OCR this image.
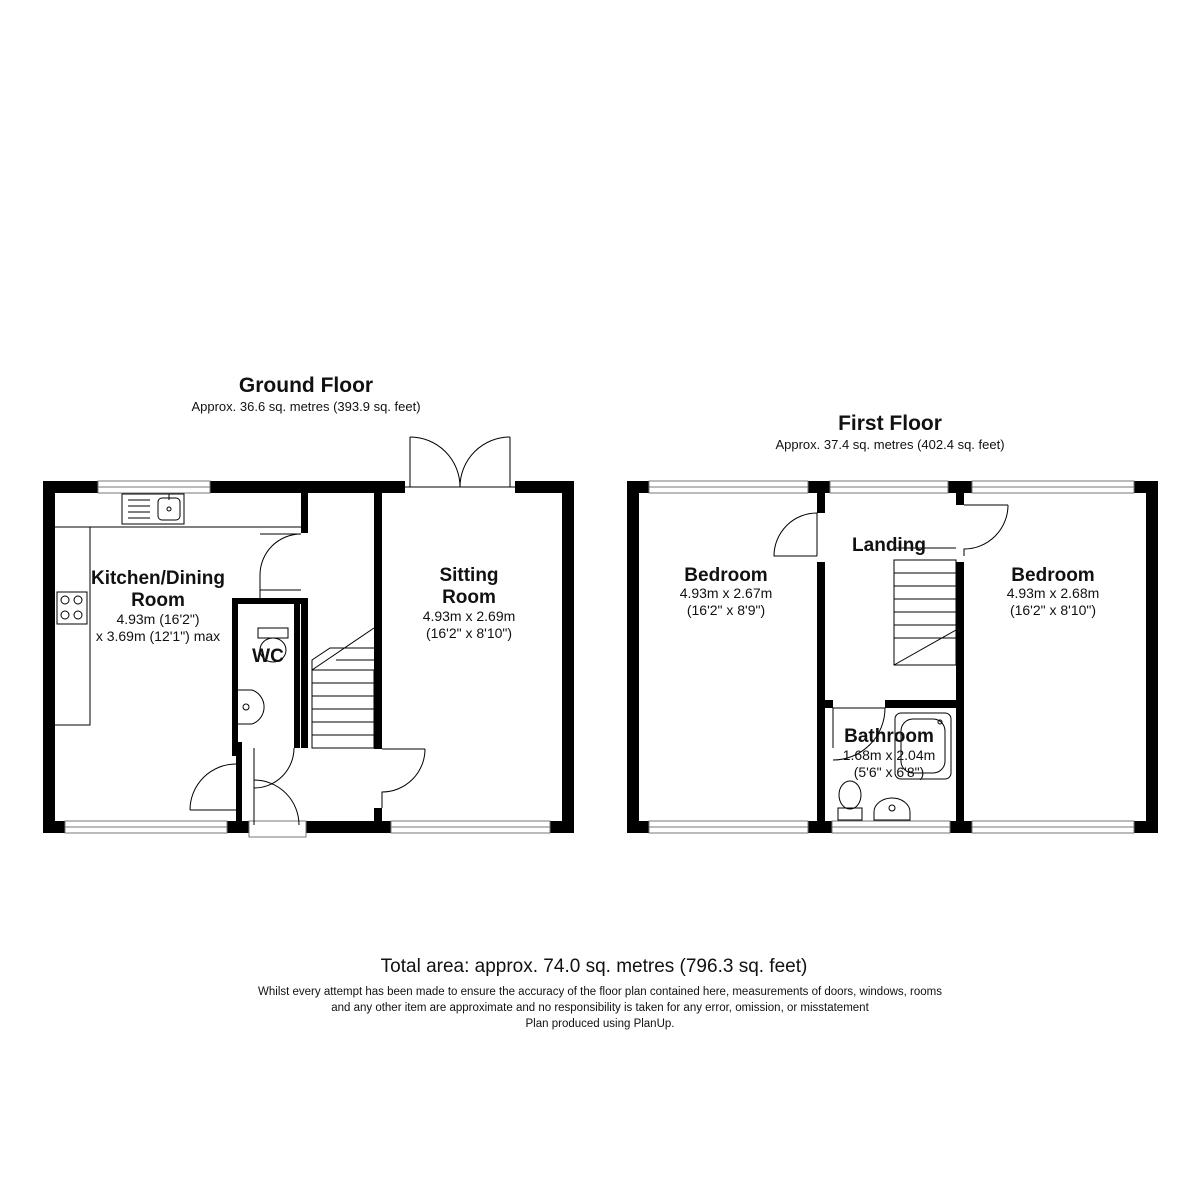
Ground Floor
Approx. 36.6 sq. metres (393.9 sq. feet)
Kitchen/Dining
Room
4.93m (16'2")
x 3.69m (12'1") max
Sitting
Room
4.93m x 2.69m
(16'2" x 8'10")
WC
First Floor
Approx. 37.4 sq. metres (402.4 sq. feet)
Bedroom
4.93m x 2.67m
(16'2" x 8'9")
Landing
Bedroom
4.93m x 2.68m
(16'2" x 8'10")
Bathroom
1.68m x 2.04m
(5'6" x 6'8")
Total area: approx. 74.0 sq. metres (796.3 sq. feet)
Whilst every attempt has been made to ensure the accuracy of the floor plan contained here, measurements of doors, windows, rooms
and any other item are approximate and no responsibility is taken for any error, omission, or misstatement
Plan produced using PlanUp.
